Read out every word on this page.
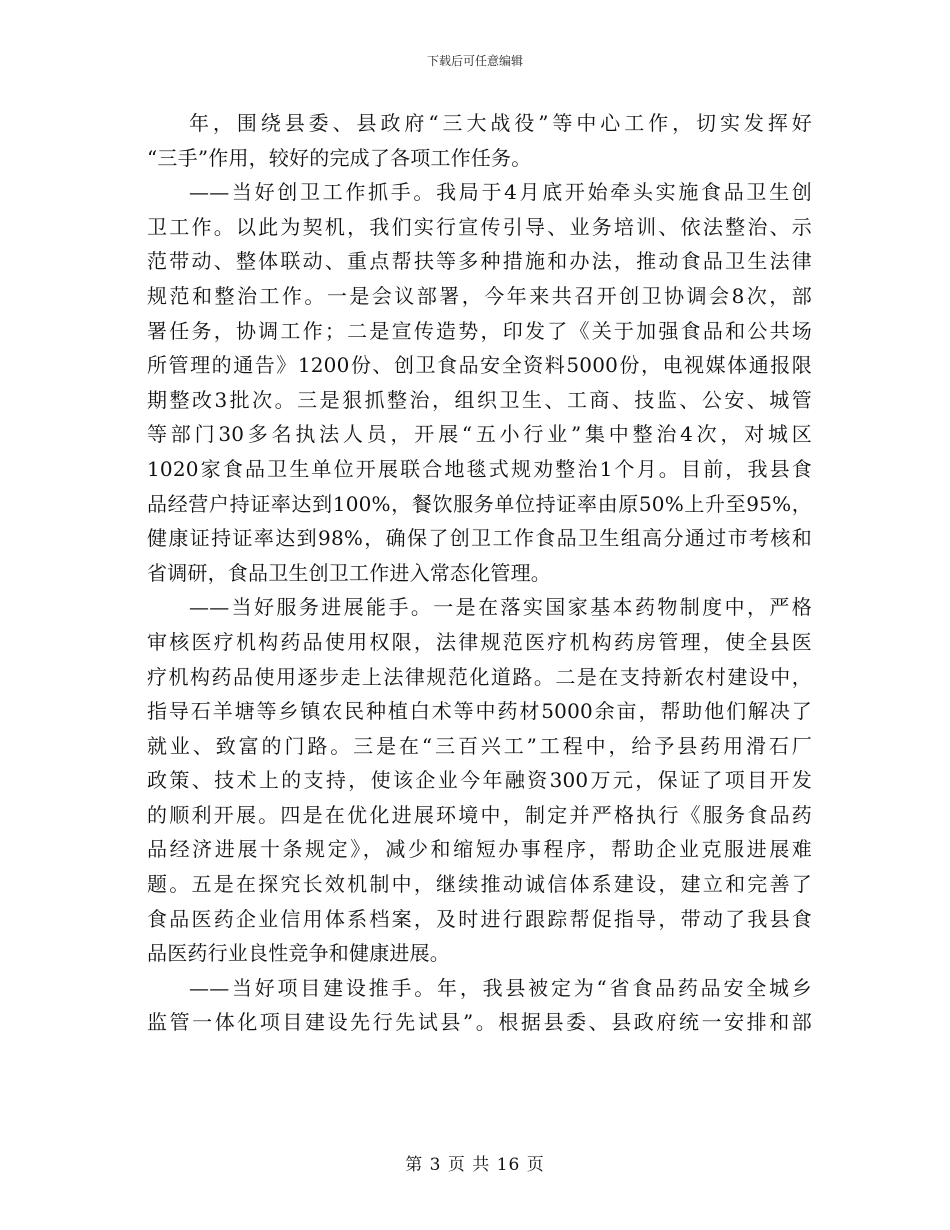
下载后可任意编辑
年，围绕县委、县政府“三大战役”等中心工作，切实发挥好
“三手”作用，较好的完成了各项工作任务。
——当好创卫工作抓手。我局于4月底开始牵头实施食品卫生创
卫工作。以此为契机，我们实行宣传引导、业务培训、依法整治、示
范带动、整体联动、重点帮扶等多种措施和办法，推动食品卫生法律
规范和整治工作。一是会议部署，今年来共召开创卫协调会8次，部
署任务，协调工作；二是宣传造势，印发了《关于加强食品和公共场
所管理的通告》1200份、创卫食品安全资料5000份，电视媒体通报限
期整改3批次。三是狠抓整治，组织卫生、工商、技监、公安、城管
等部门30多名执法人员，开展“五小行业”集中整治4次，对城区
1020家食品卫生单位开展联合地毯式规劝整治1个月。目前，我县食
品经营户持证率达到100%，餐饮服务单位持证率由原50%上升至95%，
健康证持证率达到98%，确保了创卫工作食品卫生组高分通过市考核和
省调研，食品卫生创卫工作进入常态化管理。
——当好服务进展能手。一是在落实国家基本药物制度中，严格
审核医疗机构药品使用权限，法律规范医疗机构药房管理，使全县医
疗机构药品使用逐步走上法律规范化道路。二是在支持新农村建设中，
指导石羊塘等乡镇农民种植白术等中药材5000余亩，帮助他们解决了
就业、致富的门路。三是在“三百兴工”工程中，给予县药用滑石厂
政策、技术上的支持，使该企业今年融资300万元，保证了项目开发
的顺利开展。四是在优化进展环境中，制定并严格执行《服务食品药
品经济进展十条规定》，减少和缩短办事程序，帮助企业克服进展难
题。五是在探究长效机制中，继续推动诚信体系建设，建立和完善了
食品医药企业信用体系档案，及时进行跟踪帮促指导，带动了我县食
品医药行业良性竞争和健康进展。
——当好项目建设推手。年，我县被定为“省食品药品安全城乡
监管一体化项目建设先行先试县”。根据县委、县政府统一安排和部
第 3 页 共 16 页
